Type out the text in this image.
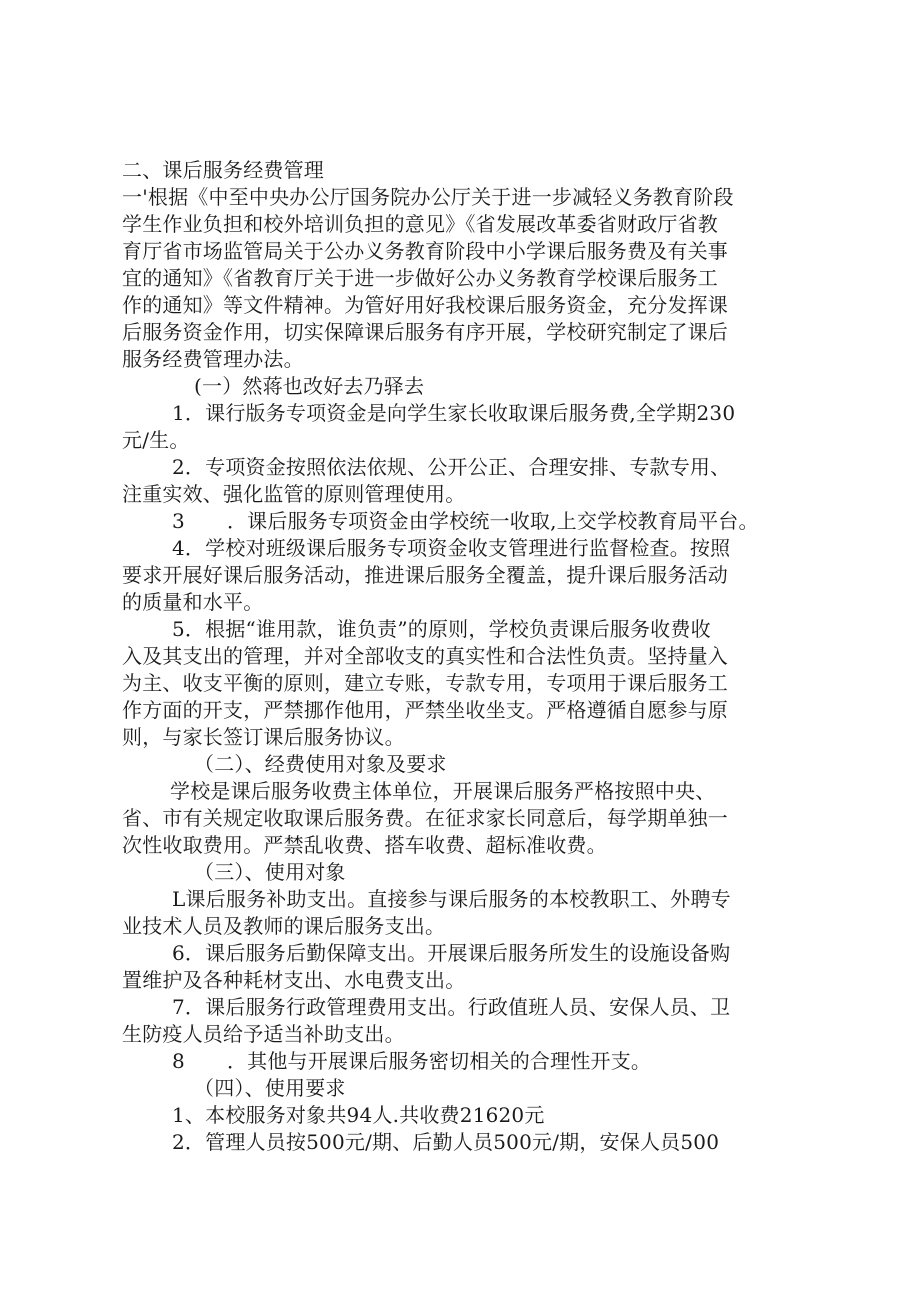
二、课后服务经费管理
一'根据《中至中央办公厅国务院办公厅关于进一步减轻义务教育阶段
学生作业负担和校外培训负担的意见》《省发展改革委省财政厅省教
育厅省市场监管局关于公办义务教育阶段中小学课后服务费及有关事
宜的通知》《省教育厅关于进一步做好公办义务教育学校课后服务工
作的通知》等文件精神。为管好用好我校课后服务资金，充分发挥课
后服务资金作用，切实保障课后服务有序开展，学校研究制定了课后
服务经费管理办法。
(一）然蒋也改好去乃驿去
1．课行版务专项资金是向学生家长收取课后服务费,全学期230
元/生。
2．专项资金按照依法依规、公开公正、合理安排、专款专用、
注重实效、强化监管的原则管理使用。
3 ．课后服务专项资金由学校统一收取,上交学校教育局平台。
4．学校对班级课后服务专项资金收支管理进行监督检查。按照
要求开展好课后服务活动，推进课后服务全覆盖，提升课后服务活动
的质量和水平。
5．根据“谁用款，谁负责”的原则，学校负责课后服务收费收
入及其支出的管理，并对全部收支的真实性和合法性负责。坚持量入
为主、收支平衡的原则，建立专账，专款专用，专项用于课后服务工
作方面的开支，严禁挪作他用，严禁坐收坐支。严格遵循自愿参与原
则，与家长签订课后服务协议。
（二）、经费使用对象及要求
学校是课后服务收费主体单位，开展课后服务严格按照中央、
省、市有关规定收取课后服务费。在征求家长同意后，每学期单独一
次性收取费用。严禁乱收费、搭车收费、超标准收费。
（三）、使用对象
L课后服务补助支出。直接参与课后服务的本校教职工、外聘专
业技术人员及教师的课后服务支出。
6．课后服务后勤保障支出。开展课后服务所发生的设施设备购
置维护及各种耗材支出、水电费支出。
7．课后服务行政管理费用支出。行政值班人员、安保人员、卫
生防疫人员给予适当补助支出。
8 ．其他与开展课后服务密切相关的合理性开支。
（四）、使用要求
1、本校服务对象共94人.共收费21620元
2．管理人员按500元/期、后勤人员500元/期，安保人员500
